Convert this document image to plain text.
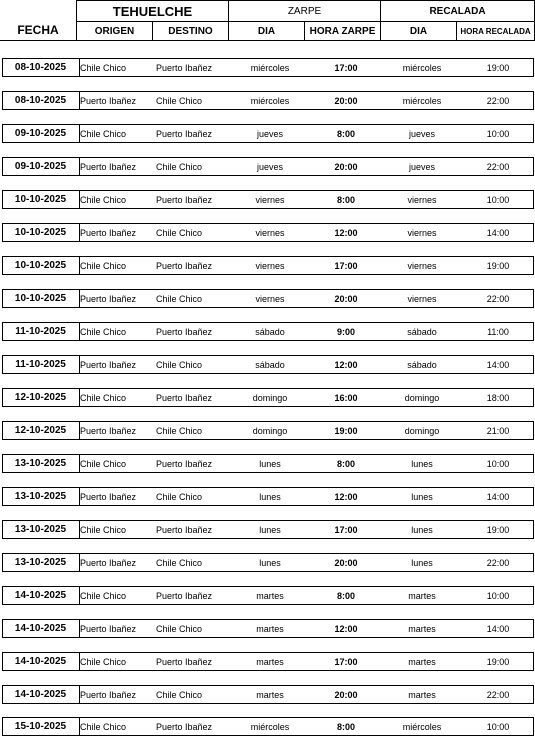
FECHA
TEHUELCHE	ZARPE	RECALADA
ORIGEN	DESTINO	DIA	HORA ZARPE	DIA	HORA RECALADA
08-10-2025	Chile Chico	Puerto Ibañez	miércoles	17:00	miércoles	19:00
08-10-2025	Puerto Ibañez	Chile Chico	miércoles	20:00	miércoles	22:00
09-10-2025	Chile Chico	Puerto Ibañez	jueves	8:00	jueves	10:00
09-10-2025	Puerto Ibañez	Chile Chico	jueves	20:00	jueves	22:00
10-10-2025	Chile Chico	Puerto Ibañez	viernes	8:00	viernes	10:00
10-10-2025	Puerto Ibañez	Chile Chico	viernes	12:00	viernes	14:00
10-10-2025	Chile Chico	Puerto Ibañez	viernes	17:00	viernes	19:00
10-10-2025	Puerto Ibañez	Chile Chico	viernes	20:00	viernes	22:00
11-10-2025	Chile Chico	Puerto Ibañez	sábado	9:00	sábado	11:00
11-10-2025	Puerto Ibañez	Chile Chico	sábado	12:00	sábado	14:00
12-10-2025	Chile Chico	Puerto Ibañez	domingo	16:00	domingo	18:00
12-10-2025	Puerto Ibañez	Chile Chico	domingo	19:00	domingo	21:00
13-10-2025	Chile Chico	Puerto Ibañez	lunes	8:00	lunes	10:00
13-10-2025	Puerto Ibañez	Chile Chico	lunes	12:00	lunes	14:00
13-10-2025	Chile Chico	Puerto Ibañez	lunes	17:00	lunes	19:00
13-10-2025	Puerto Ibañez	Chile Chico	lunes	20:00	lunes	22:00
14-10-2025	Chile Chico	Puerto Ibañez	martes	8:00	martes	10:00
14-10-2025	Puerto Ibañez	Chile Chico	martes	12:00	martes	14:00
14-10-2025	Chile Chico	Puerto Ibañez	martes	17:00	martes	19:00
14-10-2025	Puerto Ibañez	Chile Chico	martes	20:00	martes	22:00
15-10-2025	Chile Chico	Puerto Ibañez	miércoles	8:00	miércoles	10:00
